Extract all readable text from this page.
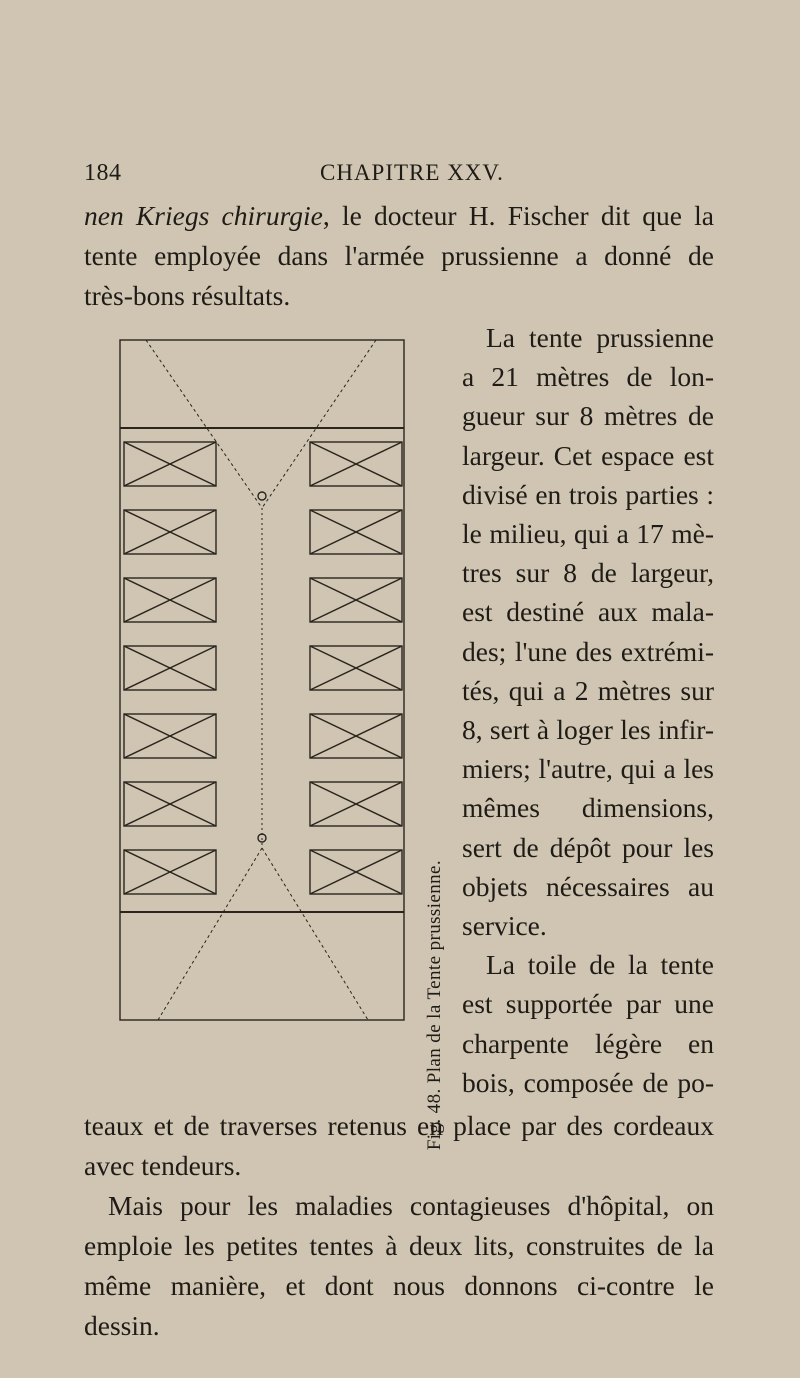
184	CHAPITRE XXV.
nen Kriegs chirurgie, le docteur H. Fischer dit que la
tente employée dans l'armée prussienne a donné de
très-bons résultats.
Fig. 48. Plan de la Tente prussienne.
La tente prussienne
a 21 mètres de lon-
gueur sur 8 mètres de
largeur. Cet espace est
divisé en trois parties :
le milieu, qui a 17 mè-
tres sur 8 de largeur,
est destiné aux mala-
des; l'une des extrémi-
tés, qui a 2 mètres sur
8, sert à loger les infir-
miers; l'autre, qui a les
mêmes dimensions,
sert de dépôt pour les
objets nécessaires au
service.
La toile de la tente
est supportée par une
charpente légère en
bois, composée de po-
teaux et de traverses retenus en place par des cordeaux
avec tendeurs.
Mais pour les maladies contagieuses d'hôpital, on
emploie les petites tentes à deux lits, construites de la
même manière, et dont nous donnons ci-contre le
dessin.
